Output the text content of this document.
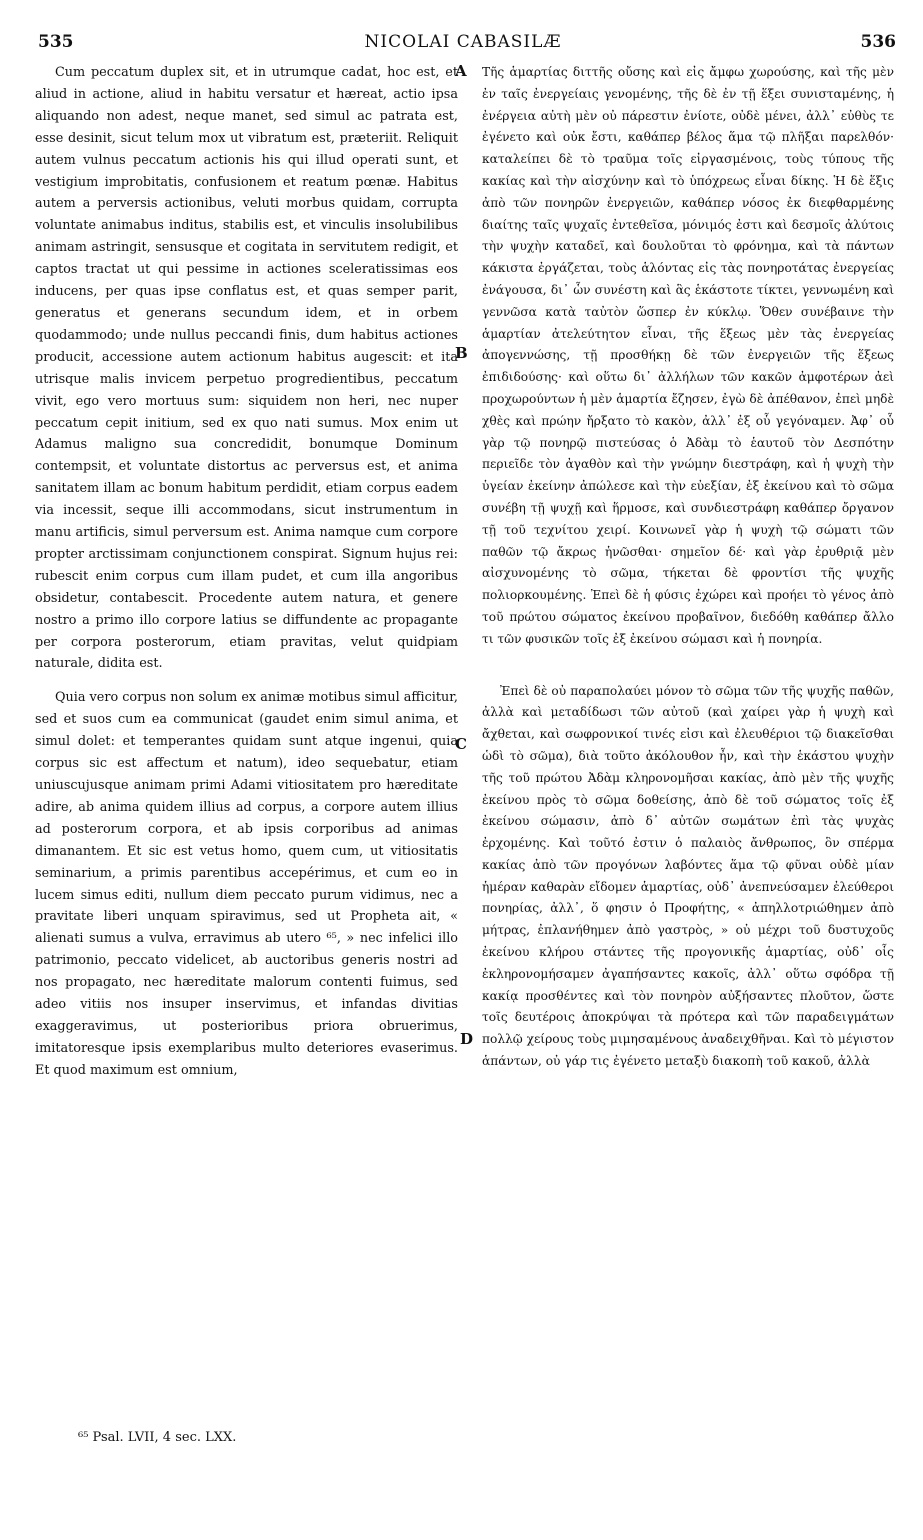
535	NICOLAI CABASILÆ	536

Cum peccatum duplex sit, et in utrumque cadat, hoc est, et aliud in actione, aliud in habitu versatur et hæreat, actio ipsa aliquando non adest, neque manet, sed simul ac patrata est, esse desinit, sicut telum mox ut vibratum est, præteriit. Reliquit autem vulnus peccatum actionis his qui illud operati sunt, et vestigium improbitatis, confusionem et reatum pœnæ. Habitus autem a perversis actionibus, veluti morbus quidam, corrupta voluntate animabus inditus, stabilis est, et vinculis insolubilibus animam astringit, sensusque et cogitata in servitutem redigit, et captos tractat ut qui pessime in actiones sceleratissimas eos inducens, per quas ipse conflatus est, et quas semper parit, generatus et generans secundum idem, et in orbem quodammodo; unde nullus peccandi finis, dum habitus actiones producit, accessione autem actionum habitus augescit: et ita utrisque malis invicem perpetuo progredientibus, peccatum vivit, ego vero mortuus sum: siquidem non heri, nec nuper peccatum cepit initium, sed ex quo nati sumus. Mox enim ut Adamus maligno sua concredidit, bonumque Dominum contempsit, et voluntate distortus ac perversus est, et anima sanitatem illam ac bonum habitum perdidit, etiam corpus eadem via incessit, seque illi accommodans, sicut instrumentum in manu artificis, simul perversum est. Anima namque cum corpore propter arctissimam conjunctionem conspirat. Signum hujus rei: rubescit enim corpus cum illam pudet, et cum illa angoribus obsidetur, contabescit. Procedente autem natura, et genere nostro a primo illo corpore latius se diffundente ac propagante per corpora posterorum, etiam pravitas, velut quidpiam naturale, didita est.

Quia vero corpus non solum ex animæ motibus simul afficitur, sed et suos cum ea communicat (gaudet enim simul anima, et simul dolet: et temperantes quidam sunt atque ingenui, quia corpus sic est affectum et natum), ideo sequebatur, etiam uniuscujusque animam primi Adami vitiositatem pro hæreditate adire, ab anima quidem illius ad corpus, a corpore autem illius ad posterorum corpora, et ab ipsis corporibus ad animas dimanantem. Et sic est vetus homo, quem cum, ut vitiositatis seminarium, a primis parentibus accepérimus, et cum eo in lucem simus editi, nullum diem peccato purum vidimus, nec a pravitate liberi unquam spiravimus, sed ut Propheta ait, « alienati sumus a vulva, erravimus ab utero ⁶⁵, » nec infelici illo patrimonio, peccato videlicet, ab auctoribus generis nostri ad nos propagato, nec hæreditate malorum contenti fuimus, sed adeo vitiis nos insuper inservimus, et infandas divitias exaggeravimus, ut posterioribus priora obruerimus, imitatoresque ipsis exemplaribus multo deteriores evaserimus. Et quod maximum est omnium,

Τῆς ἁμαρτίας διττῆς οὔσης καὶ εἰς ἄμφω χωρούσης, καὶ τῆς μὲν ἐν ταῖς ἐνεργείαις γενομένης, τῆς δὲ ἐν τῇ ἕξει συνισταμένης, ἡ ἐνέργεια αὐτὴ μὲν οὐ πάρεστιν ἐνίοτε, οὐδὲ μένει, ἀλλ᾽ εὐθὺς τε ἐγένετο καὶ οὐκ ἔστι, καθάπερ βέλος ἅμα τῷ πλῆξαι παρελθόν· καταλείπει δὲ τὸ τραῦμα τοῖς εἰργασμένοις, τοὺς τύπους τῆς κακίας καὶ τὴν αἰσχύνην καὶ τὸ ὑπόχρεως εἶναι δίκης. Ἡ δὲ ἕξις ἀπὸ τῶν πονηρῶν ἐνεργειῶν, καθάπερ νόσος ἐκ διεφθαρμένης διαίτης ταῖς ψυχαῖς ἐντεθεῖσα, μόνιμός ἐστι καὶ δεσμοῖς ἀλύτοις τὴν ψυχὴν καταδεῖ, καὶ δουλοῦται τὸ φρόνημα, καὶ τὰ πάντων κάκιστα ἐργάζεται, τοὺς ἁλόντας εἰς τὰς πονηροτάτας ἐνεργείας ἐνάγουσα, δι᾽ ὧν συνέστη καὶ ἃς ἑκάστοτε τίκτει, γεννωμένη καὶ γεννῶσα κατὰ ταὐτὸν ὥσπερ ἐν κύκλῳ. Ὅθεν συνέβαινε τὴν ἁμαρτίαν ἀτελεύτητον εἶναι, τῆς ἕξεως μὲν τὰς ἐνεργείας ἀπογεννώσης, τῇ προσθήκῃ δὲ τῶν ἐνεργειῶν τῆς ἕξεως ἐπιδιδούσης· καὶ οὕτω δι᾽ ἀλλήλων τῶν κακῶν ἀμφοτέρων ἀεὶ προχωρούντων ἡ μὲν ἁμαρτία ἔζησεν, ἐγὼ δὲ ἀπέθανον, ἐπεὶ μηδὲ χθὲς καὶ πρώην ἤρξατο τὸ κακὸν, ἀλλ᾽ ἐξ οὗ γεγόναμεν. Ἀφ᾽ οὗ γὰρ τῷ πονηρῷ πιστεύσας ὁ Ἀδὰμ τὸ ἑαυτοῦ τὸν Δεσπότην περιεῖδε τὸν ἀγαθὸν καὶ τὴν γνώμην διεστράφη, καὶ ἡ ψυχὴ τὴν ὑγείαν ἐκείνην ἀπώλεσε καὶ τὴν εὐεξίαν, ἐξ ἐκείνου καὶ τὸ σῶμα συνέβη τῇ ψυχῇ καὶ ἥρμοσε, καὶ συνδιεστράφη καθάπερ ὄργανον τῇ τοῦ τεχνίτου χειρί. Κοινωνεῖ γὰρ ἡ ψυχὴ τῷ σώματι τῶν παθῶν τῷ ἄκρως ἡνῶσθαι· σημεῖον δέ· καὶ γὰρ ἐρυθριᾷ μὲν αἰσχυνομένης τὸ σῶμα, τήκεται δὲ φροντίσι τῆς ψυχῆς πολιορκουμένης. Ἐπεὶ δὲ ἡ φύσις ἐχώρει καὶ προήει τὸ γένος ἀπὸ τοῦ πρώτου σώματος ἐκείνου προβαῖνον, διεδόθη καθάπερ ἄλλο τι τῶν φυσικῶν τοῖς ἐξ ἐκείνου σώμασι καὶ ἡ πονηρία.

Ἐπεὶ δὲ οὐ παραπολαύει μόνον τὸ σῶμα τῶν τῆς ψυχῆς παθῶν, ἀλλὰ καὶ μεταδίδωσι τῶν αὐτοῦ (καὶ χαίρει γὰρ ἡ ψυχὴ καὶ ἄχθεται, καὶ σωφρονικοί τινές εἰσι καὶ ἐλευθέριοι τῷ διακεῖσθαι ὡδὶ τὸ σῶμα), διὰ τοῦτο ἀκόλουθον ἦν, καὶ τὴν ἑκάστου ψυχὴν τῆς τοῦ πρώτου Ἀδὰμ κληρονομῆσαι κακίας, ἀπὸ μὲν τῆς ψυχῆς ἐκείνου πρὸς τὸ σῶμα δοθείσης, ἀπὸ δὲ τοῦ σώματος τοῖς ἐξ ἐκείνου σώμασιν, ἀπὸ δ᾽ αὐτῶν σωμάτων ἐπὶ τὰς ψυχὰς ἐρχομένης. Καὶ τοῦτό ἐστιν ὁ παλαιὸς ἄνθρωπος, ὃν σπέρμα κακίας ἀπὸ τῶν προγόνων λαβόντες ἅμα τῷ φῦναι οὐδὲ μίαν ἡμέραν καθαρὰν εἴδομεν ἁμαρτίας, οὐδ᾽ ἀνεπνεύσαμεν ἐλεύθεροι πονηρίας, ἀλλ᾽, ὅ φησιν ὁ Προφήτης, « ἀπηλλοτριώθημεν ἀπὸ μήτρας, ἐπλανήθημεν ἀπὸ γαστρὸς, » οὐ μέχρι τοῦ δυστυχοῦς ἐκείνου κλήρου στάντες τῆς προγονικῆς ἁμαρτίας, οὐδ᾽ οἷς ἐκληρονομήσαμεν ἀγαπήσαντες κακοῖς, ἀλλ᾽ οὕτω σφόδρα τῇ κακίᾳ προσθέντες καὶ τὸν πονηρὸν αὐξήσαντες πλοῦτον, ὥστε τοῖς δευτέροις ἀποκρύψαι τὰ πρότερα καὶ τῶν παραδειγμάτων πολλῷ χείρους τοὺς μιμησαμένους ἀναδειχθῆναι. Καὶ τὸ μέγιστον ἁπάντων, οὐ γάρ τις ἐγένετο μεταξὺ διακοπὴ τοῦ κακοῦ, ἀλλὰ

A
B
C
D
⁶⁵ Psal. LVII, 4 sec. LXX.
